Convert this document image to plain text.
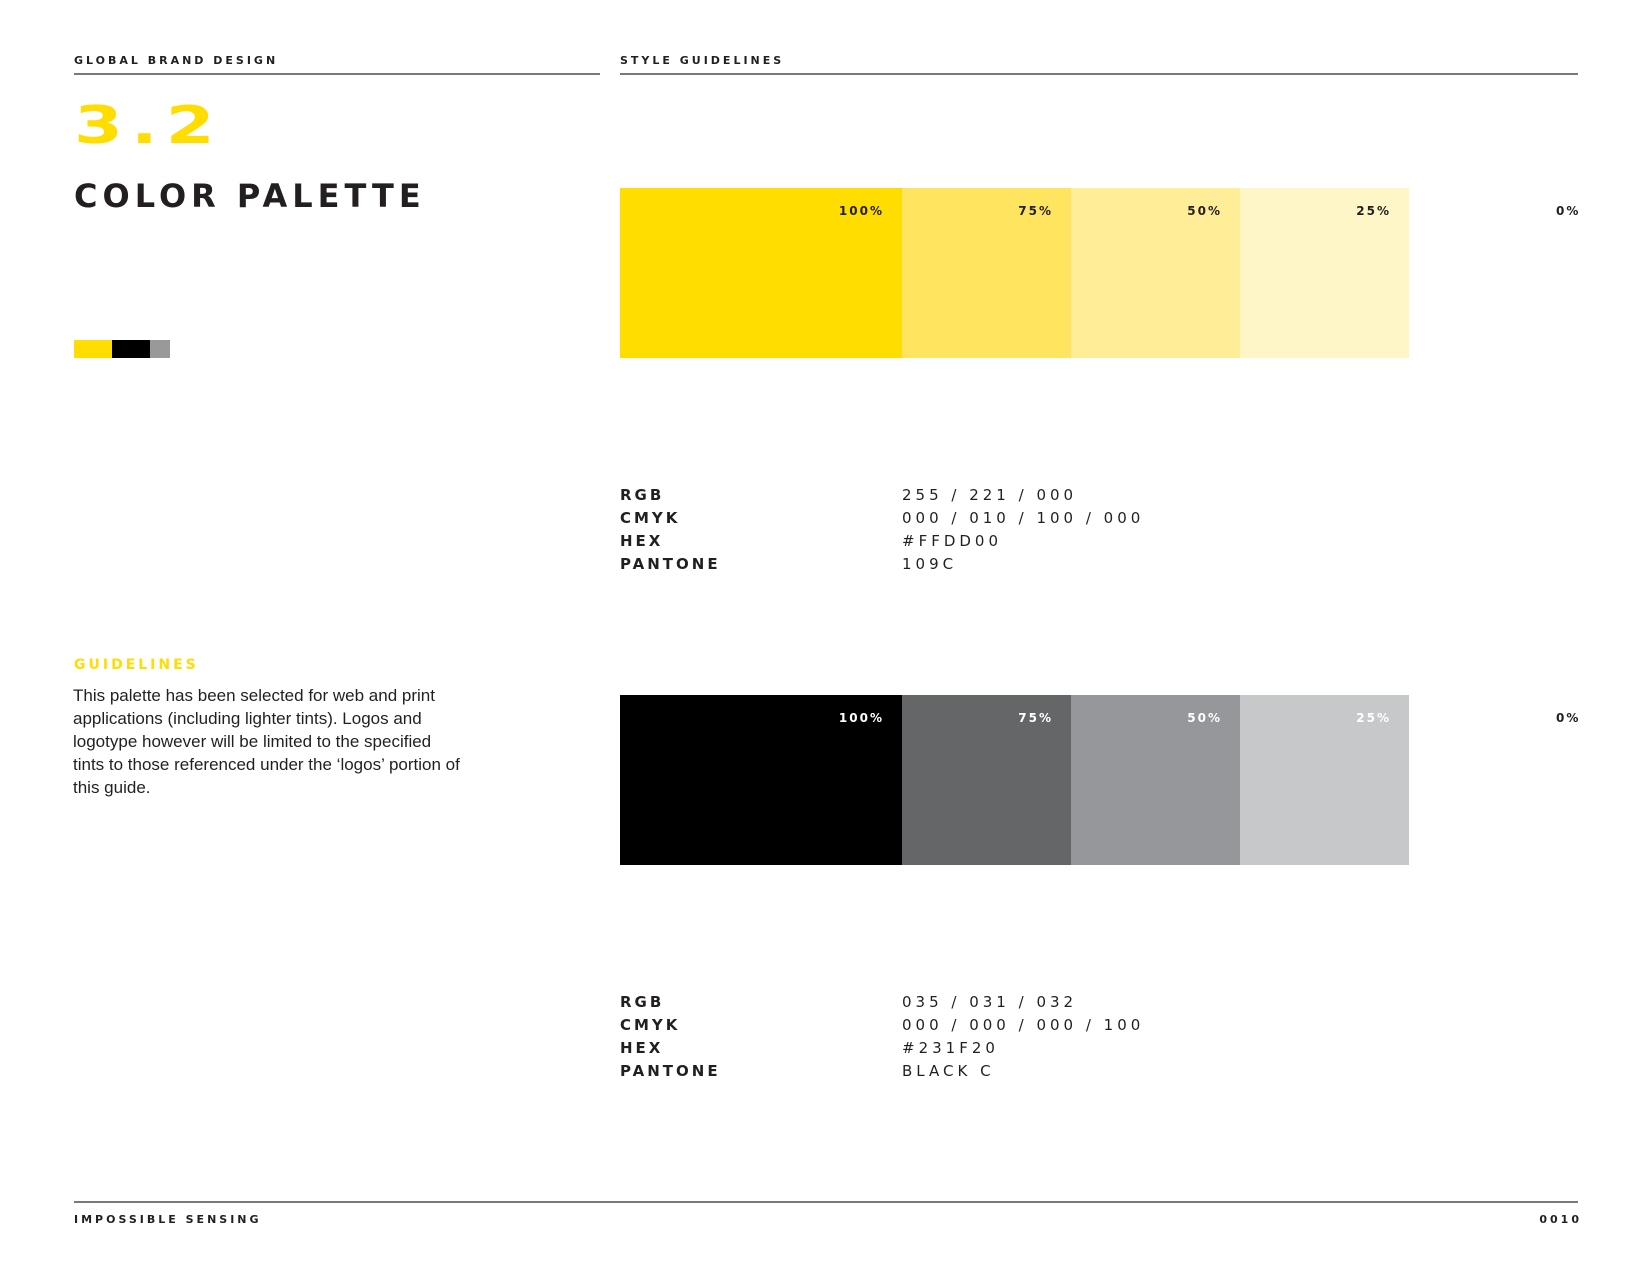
GLOBAL BRAND DESIGN	STYLE GUIDELINES
3.2
COLOR PALETTE
GUIDELINES
This palette has been selected for web and print applications (including lighter tints). Logos and logotype however will be limited to the specified tints to those referenced under the ‘logos’ portion of this guide.
100%	75%	50%	25%	0%
RGB	255 / 221 / 000
CMYK	000 / 010 / 100 / 000
HEX	#FFDD00
PANTONE	109C
100%	75%	50%	25%	0%
RGB	035 / 031 / 032
CMYK	000 / 000 / 000 / 100
HEX	#231F20
PANTONE	BLACK C
IMPOSSIBLE SENSING	0010
